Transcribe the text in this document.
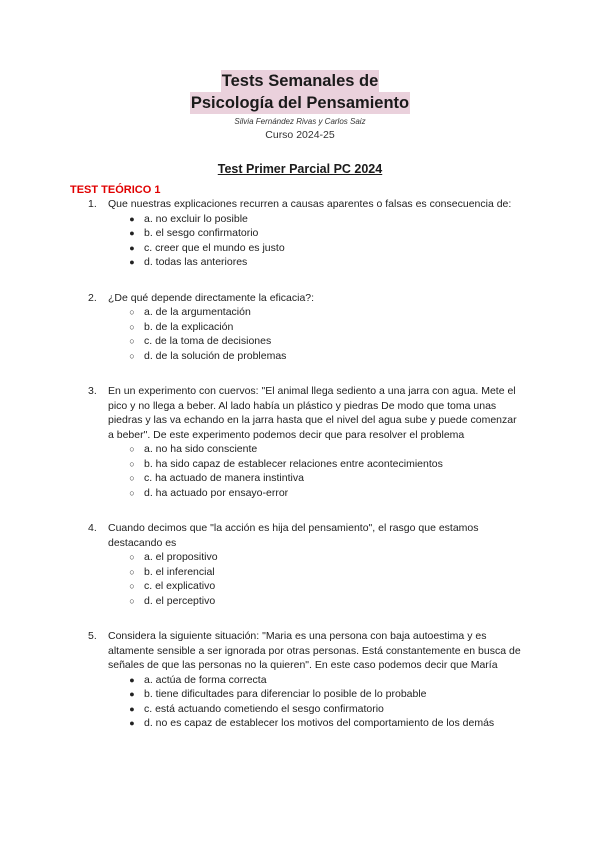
Tests Semanales de
Psicología del Pensamiento
Silvia Fernández Rivas y Carlos Saiz
Curso 2024-25
Test Primer Parcial PC 2024
TEST TEÓRICO 1
1. Que nuestras explicaciones recurren a causas aparentes o falsas es consecuencia de:
● a. no excluir lo posible
● b. el sesgo confirmatorio
● c. creer que el mundo es justo
● d. todas las anteriores
2. ¿De qué depende directamente la eficacia?:
○ a. de la argumentación
○ b. de la explicación
○ c. de la toma de decisiones
○ d. de la solución de problemas
3. En un experimento con cuervos: "El animal llega sediento a una jarra con agua. Mete el pico y no llega a beber. Al lado había un plástico y piedras De modo que toma unas piedras y las va echando en la jarra hasta que el nivel del agua sube y puede comenzar a beber". De este experimento podemos decir que para resolver el problema
○ a. no ha sido consciente
○ b. ha sido capaz de establecer relaciones entre acontecimientos
○ c. ha actuado de manera instintiva
○ d. ha actuado por ensayo-error
4. Cuando decimos que "la acción es hija del pensamiento", el rasgo que estamos destacando es
○ a. el propositivo
○ b. el inferencial
○ c. el explicativo
○ d. el perceptivo
5. Considera la siguiente situación: "Maria es una persona con baja autoestima y es altamente sensible a ser ignorada por otras personas. Está constantemente en busca de señales de que las personas no la quieren". En este caso podemos decir que María
● a. actúa de forma correcta
● b. tiene dificultades para diferenciar lo posible de lo probable
● c. está actuando cometiendo el sesgo confirmatorio
● d. no es capaz de establecer los motivos del comportamiento de los demás
